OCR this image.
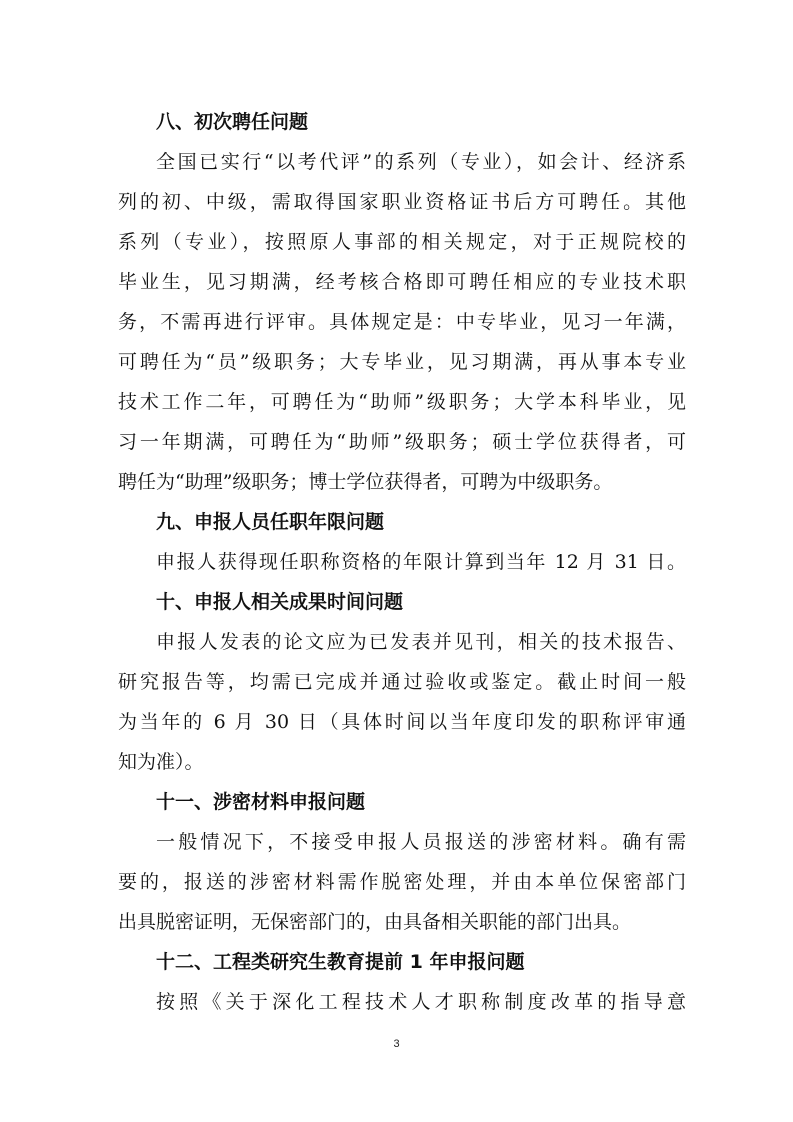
八、初次聘任问题
全国已实行“以考代评”的系列（专业），如会计、经济系
列的初、中级，需取得国家职业资格证书后方可聘任。其他
系列（专业），按照原人事部的相关规定，对于正规院校的
毕业生，见习期满，经考核合格即可聘任相应的专业技术职
务，不需再进行评审。具体规定是：中专毕业，见习一年满，
可聘任为“员”级职务；大专毕业，见习期满，再从事本专业
技术工作二年，可聘任为“助师”级职务；大学本科毕业，见
习一年期满，可聘任为“助师”级职务；硕士学位获得者，可
聘任为“助理”级职务；博士学位获得者，可聘为中级职务。
九、申报人员任职年限问题
申报人获得现任职称资格的年限计算到当年 12 月 31 日。
十、申报人相关成果时间问题
申报人发表的论文应为已发表并见刊，相关的技术报告、
研究报告等，均需已完成并通过验收或鉴定。截止时间一般
为当年的 6 月 30 日（具体时间以当年度印发的职称评审通
知为准）。
十一、涉密材料申报问题
一般情况下，不接受申报人员报送的涉密材料。确有需
要的，报送的涉密材料需作脱密处理，并由本单位保密部门
出具脱密证明，无保密部门的，由具备相关职能的部门出具。
十二、工程类研究生教育提前 1 年申报问题
按照《关于深化工程技术人才职称制度改革的指导意
3
